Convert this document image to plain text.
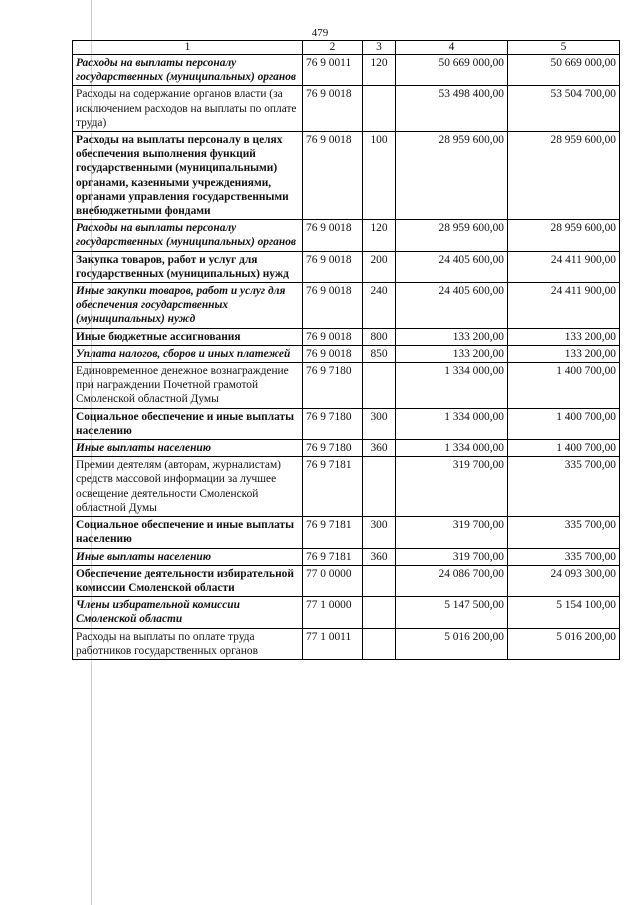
479
1	2	3	4	5
Расходы на выплаты персоналу государственных (муниципальных) органов	76 9 0011	120	50 669 000,00	50 669 000,00
Расходы на содержание органов власти (за исключением расходов на выплаты по оплате труда)	76 9 0018		53 498 400,00	53 504 700,00
Расходы на выплаты персоналу в целях обеспечения выполнения функций государственными (муниципальными) органами, казенными учреждениями, органами управления государственными внебюджетными фондами	76 9 0018	100	28 959 600,00	28 959 600,00
Расходы на выплаты персоналу государственных (муниципальных) органов	76 9 0018	120	28 959 600,00	28 959 600,00
Закупка товаров, работ и услуг для государственных (муниципальных) нужд	76 9 0018	200	24 405 600,00	24 411 900,00
Иные закупки товаров, работ и услуг для обеспечения государственных (муниципальных) нужд	76 9 0018	240	24 405 600,00	24 411 900,00
Иные бюджетные ассигнования	76 9 0018	800	133 200,00	133 200,00
Уплата налогов, сборов и иных платежей	76 9 0018	850	133 200,00	133 200,00
Единовременное денежное вознаграждение при награждении Почетной грамотой Смоленской областной Думы	76 9 7180		1 334 000,00	1 400 700,00
Социальное обеспечение и иные выплаты населению	76 9 7180	300	1 334 000,00	1 400 700,00
Иные выплаты населению	76 9 7180	360	1 334 000,00	1 400 700,00
Премии деятелям (авторам, журналистам) средств массовой информации за лучшее освещение деятельности Смоленской областной Думы	76 9 7181		319 700,00	335 700,00
Социальное обеспечение и иные выплаты населению	76 9 7181	300	319 700,00	335 700,00
Иные выплаты населению	76 9 7181	360	319 700,00	335 700,00
Обеспечение деятельности избирательной комиссии Смоленской области	77 0 0000		24 086 700,00	24 093 300,00
Члены избирательной комиссии Смоленской области	77 1 0000		5 147 500,00	5 154 100,00
Расходы на выплаты по оплате труда работников государственных органов	77 1 0011		5 016 200,00	5 016 200,00
